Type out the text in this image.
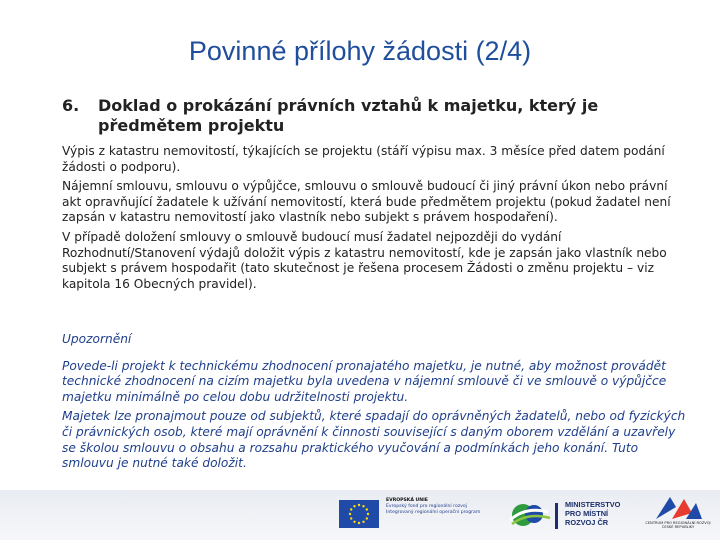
Povinné přílohy žádosti (2/4)
6. Doklad o prokázání právních vztahů k majetku, který je předmětem projektu

Výpis z katastru nemovitostí, týkajících se projektu (stáří výpisu max. 3 měsíce před datem podání žádosti o podporu).

Nájemní smlouvu, smlouvu o výpůjčce, smlouvu o smlouvě budoucí či jiný právní úkon nebo právní akt opravňující žadatele k užívání nemovitostí, která bude předmětem projektu (pokud žadatel není zapsán v katastru nemovitostí jako vlastník nebo subjekt s právem hospodaření).

V případě doložení smlouvy o smlouvě budoucí musí žadatel nejpozději do vydání Rozhodnutí/Stanovení výdajů doložit výpis z katastru nemovitostí, kde je zapsán jako vlastník nebo subjekt s právem hospodařit (tato skutečnost je řešena procesem Žádosti o změnu projektu – viz kapitola 16 Obecných pravidel).

Upozornění

Povede-li projekt k technickému zhodnocení pronajatého majetku, je nutné, aby možnost provádět technické zhodnocení na cizím majetku byla uvedena v nájemní smlouvě či ve smlouvě o výpůjčce majetku minimálně po celou dobu udržitelnosti projektu.

Majetek lze pronajmout pouze od subjektů, které spadají do oprávněných žadatelů, nebo od fyzických či právnických osob, které mají oprávnění k činnosti související s daným oborem vzdělání a uzavřely se školou smlouvu o obsahu a rozsahu praktického vyučování a podmínkách jeho konání. Tuto smlouvu je nutné také doložit.

EVROPSKÁ UNIE
Evropský fond pro regionální rozvoj
Integrovaný regionální operační program
MINISTERSTVO
PRO MÍSTNÍ
ROZVOJ ČR	CENTRUM PRO REGIONÁLNÍ ROZVOJ
ČESKÉ REPUBLIKY
